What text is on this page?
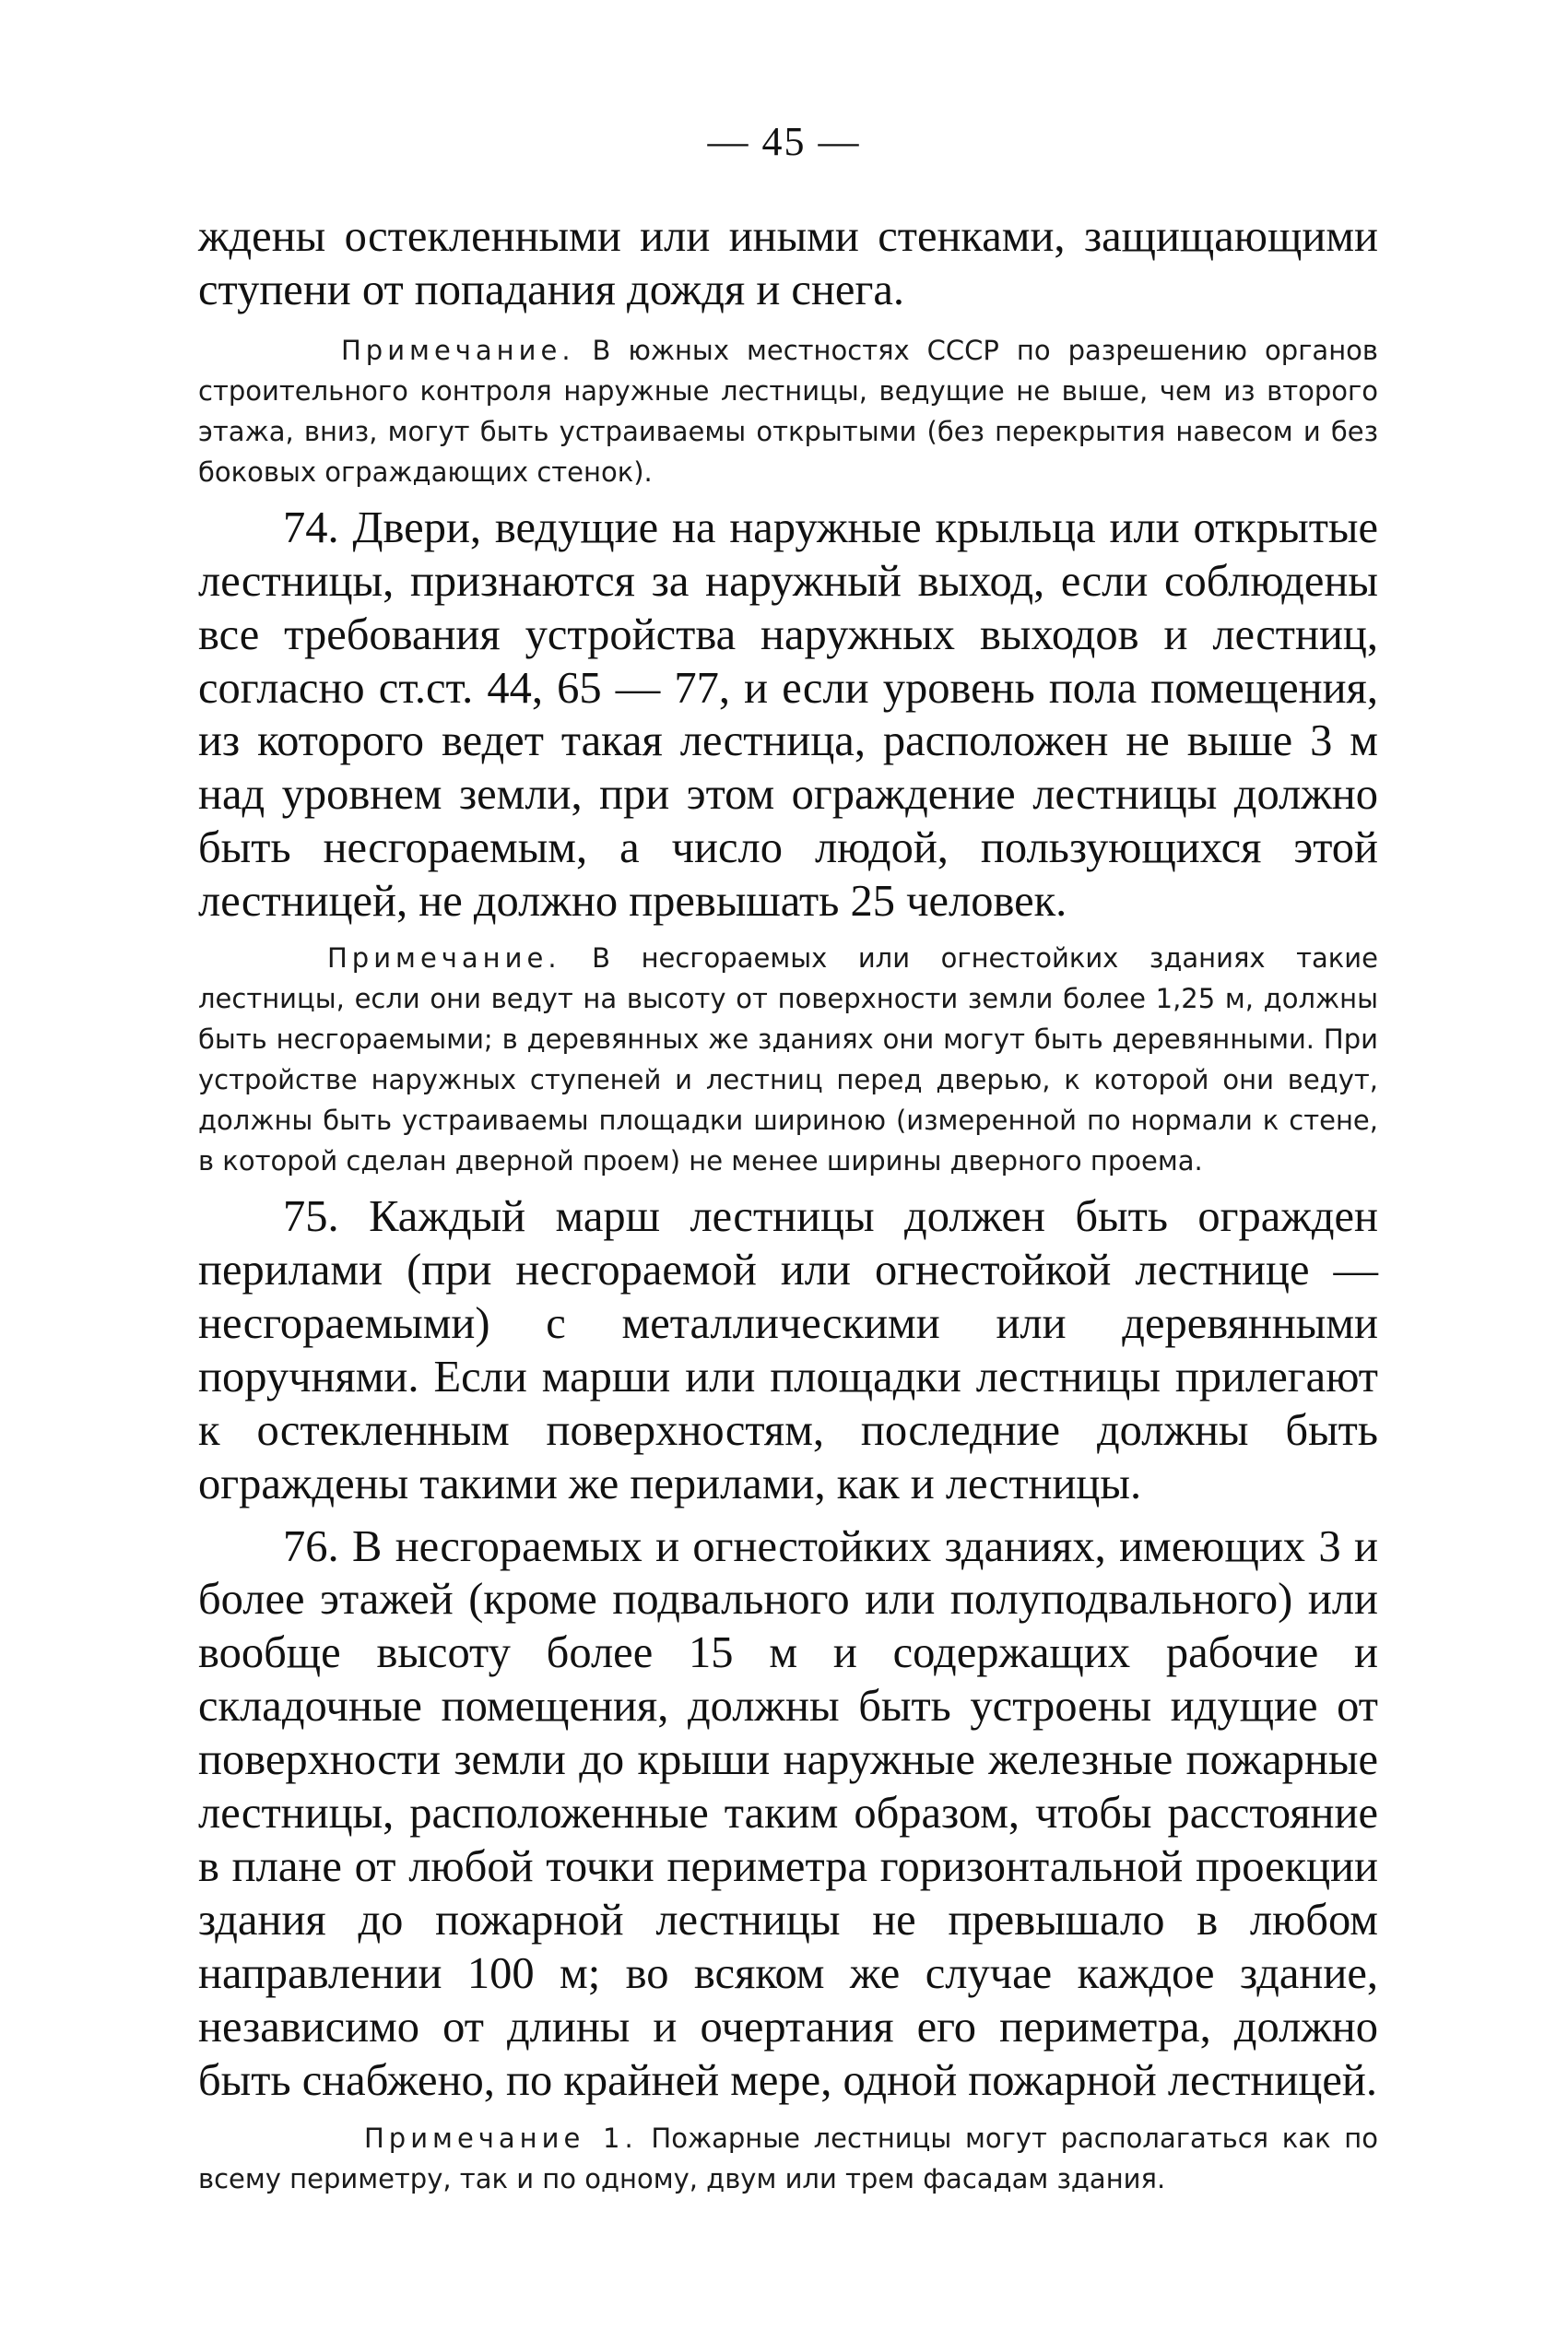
— 45 —

ждены остекленными или иными стенками, защищающими ступени от попадания дождя и снега.

Примечание. В южных местностях СССР по разрешению органов строительного контроля наружные лестницы, ведущие не выше, чем из второго этажа, вниз, могут быть устраиваемы открытыми (без перекрытия навесом и без боковых ограждающих стенок).

74. Двери, ведущие на наружные крыльца или открытые лестницы, признаются за наружный выход, если соблюдены все требования устройства наружных выходов и лестниц, согласно ст.ст. 44, 65 — 77, и если уровень пола помещения, из которого ведет такая лестница, расположен не выше 3 м над уровнем земли, при этом ограждение лестницы должно быть несгораемым, а число людой, пользующихся этой лестницей, не должно превышать 25 человек.

Примечание. В несгораемых или огнестойких зданиях такие лестницы, если они ведут на высоту от поверхности земли более 1,25 м, должны быть несгораемыми; в деревянных же зданиях они могут быть деревянными. При устройстве наружных ступеней и лестниц перед дверью, к которой они ведут, должны быть устраиваемы площадки шириною (измеренной по нормали к стене, в которой сделан дверной проем) не менее ширины дверного проема.

75. Каждый марш лестницы должен быть огражден перилами (при несгораемой или огнестойкой лестнице — несгораемыми) с металлическими или деревянными поручнями. Если марши или площадки лестницы прилегают к остекленным поверхностям, последние должны быть ограждены такими же перилами, как и лестницы.

76. В несгораемых и огнестойких зданиях, имеющих 3 и более этажей (кроме подвального или полуподвального) или вообще высоту более 15 м и содержащих рабочие и складочные помещения, должны быть устроены идущие от поверхности земли до крыши наружные железные пожарные лестницы, расположенные таким образом, чтобы расстояние в плане от любой точки периметра горизонтальной проекции здания до пожарной лестницы не превышало в любом направлении 100 м; во всяком же случае каждое здание, независимо от длины и очертания его периметра, должно быть снабжено, по крайней мере, одной пожарной лестницей.

Примечание 1. Пожарные лестницы могут располагаться как по всему периметру, так и по одному, двум или трем фасадам здания.
